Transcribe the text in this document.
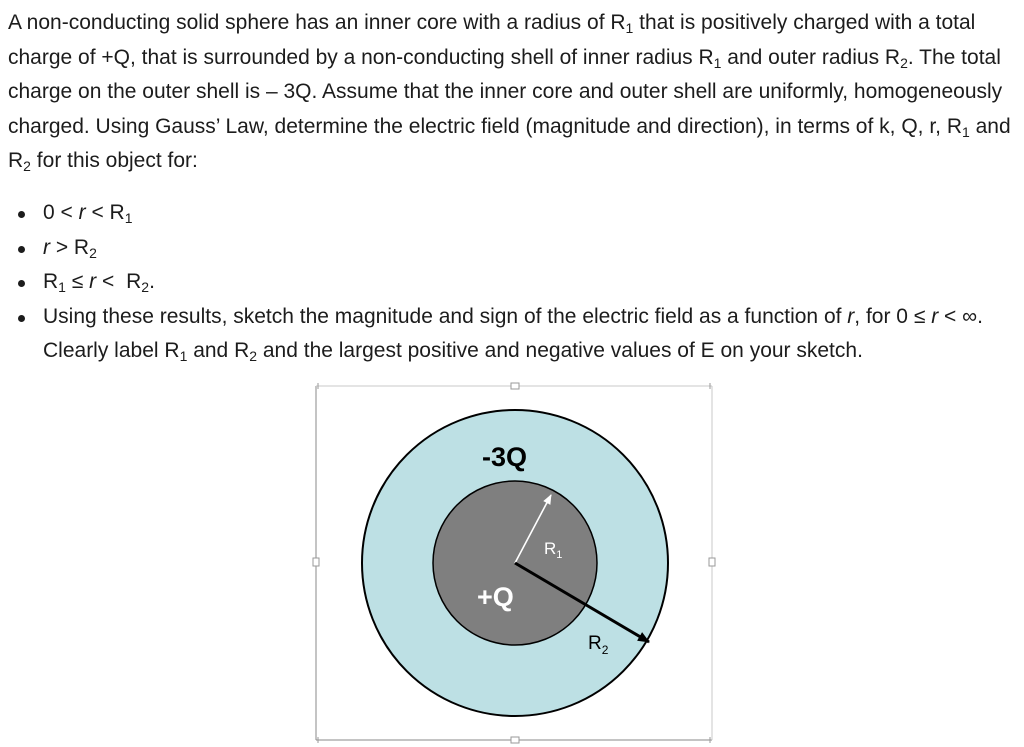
A non-conducting solid sphere has an inner core with a radius of $R_1$ that is positively charged with a total charge of +Q, that is surrounded by a non-conducting shell of inner radius $R_1$ and outer radius $R_2$. The total charge on the outer shell is – 3Q. Assume that the inner core and outer shell are uniformly, homogeneously charged. Using Gauss’ Law, determine the electric field (magnitude and direction), in terms of k, Q, r, $R_1$ and $R_2$ for this object for:

$0 < r < R_1$
$r > R_2$
$R_1 \le r < R_2$.
Using these results, sketch the magnitude and sign of the electric field as a function of r, for 0 ≤ r < ∞. Clearly label $R_1$ and $R_2$ and the largest positive and negative values of E on your sketch.
-3Q
+Q
$R_1$
$R_2$
